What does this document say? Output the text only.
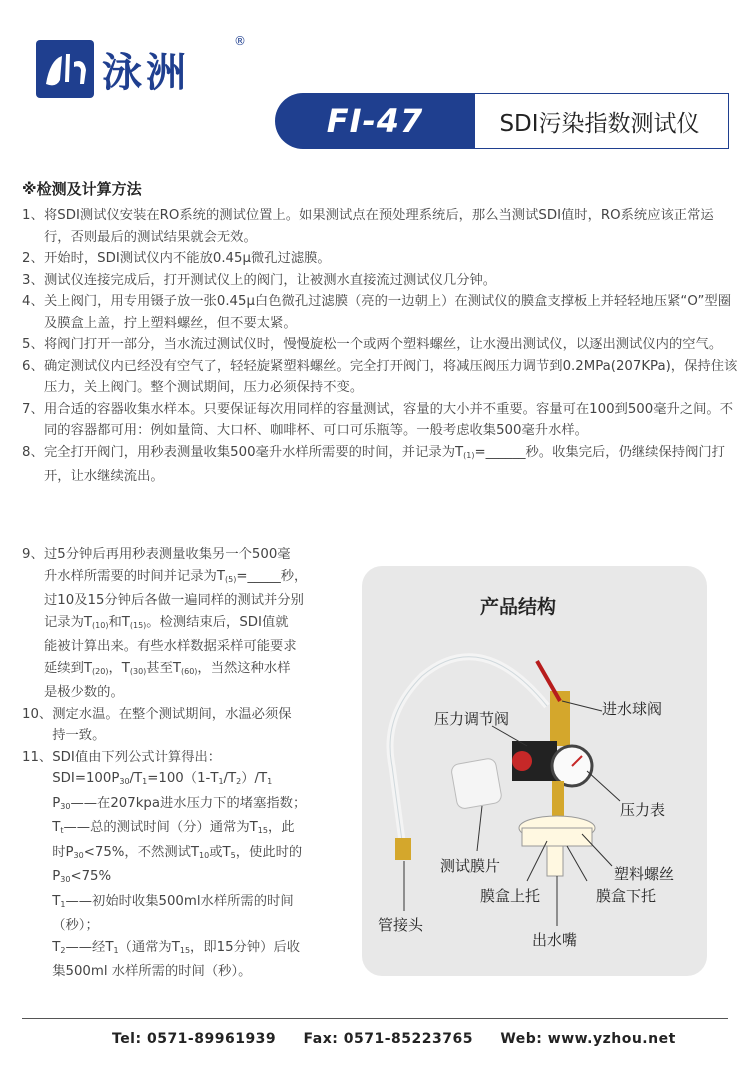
泳洲
®
FI-47	SDI污染指数测试仪
※检测及计算方法
1、 将SDI测试仪安装在RO系统的测试位置上。如果测试点在预处理系统后，那么当测试SDI值时，RO系统应该正常运行，否则最后的测试结果就会无效。
2、 开始时，SDI测试仪内不能放0.45μ微孔过滤膜。
3、 测试仪连接完成后，打开测试仪上的阀门，让被测水直接流过测试仪几分钟。
4、 关上阀门，用专用镊子放一张0.45μ白色微孔过滤膜（亮的一边朝上）在测试仪的膜盒支撑板上并轻轻地压紧“O”型圈及膜盒上盖，拧上塑料螺丝，但不要太紧。
5、 将阀门打开一部分，当水流过测试仪时，慢慢旋松一个或两个塑料螺丝，让水漫出测试仪，以逐出测试仪内的空气。
6、 确定测试仪内已经没有空气了，轻轻旋紧塑料螺丝。完全打开阀门，将减压阀压力调节到0.2MPa(207KPa)，保持住该压力，关上阀门。整个测试期间，压力必须保持不变。
7、 用合适的容器收集水样本。只要保证每次用同样的容量测试，容量的大小并不重要。容量可在100到500毫升之间。不同的容器都可用：例如量筒、大口杯、咖啡杯、可口可乐瓶等。一般考虑收集500毫升水样。
8、 完全打开阀门，用秒表测量收集500毫升水样所需要的时间，并记录为$T_{(1)}=\_\_\_\_\_\_$秒。收集完后，仍继续保持阀门打开，让水继续流出。
9、 过5分钟后再用秒表测量收集另一个500毫
升水样所需要的时间并记录为$T_{(5)}=\_\_\_\_\_$秒，
过10及15分钟后各做一遍同样的测试并分别
记录为$T_{(10)}$和$T_{(15)}$。检测结束后，SDI值就
能被计算出来。有些水样数据采样可能要求
延续到$T_{(20)}$，$T_{(30)}$甚至$T_{(60)}$，当然这种水样
是极少数的。
10、 测定水温。在整个测试期间，水温必须保
持一致。
11、 SDI值由下列公式计算得出：
$SDI=100P_{30}/T_1=100(1-T_1/T_2)/T_1$
$P_{30}——$在207kpa进水压力下的堵塞指数；
$T_t——$总的测试时间（分）通常为$T_{15}$，此
时$P_{30}<75\%$，不然测试$T_{10}$或$T_5$，使此时的
$P_{30}<75\%$
$T_1——$初始时收集500ml水样所需的时间
（秒）；
$T_2——$经$T_1$（通常为$T_{15}$，即15分钟）后收
集500ml 水样所需的时间（秒）。
产品结构
进水球阀
压力调节阀
压力表
测试膜片	塑料螺丝
膜盒上托	膜盒下托
管接头
出水嘴
Tel: 0571-89961939 Fax: 0571-85223765 Web: www.yzhou.net
